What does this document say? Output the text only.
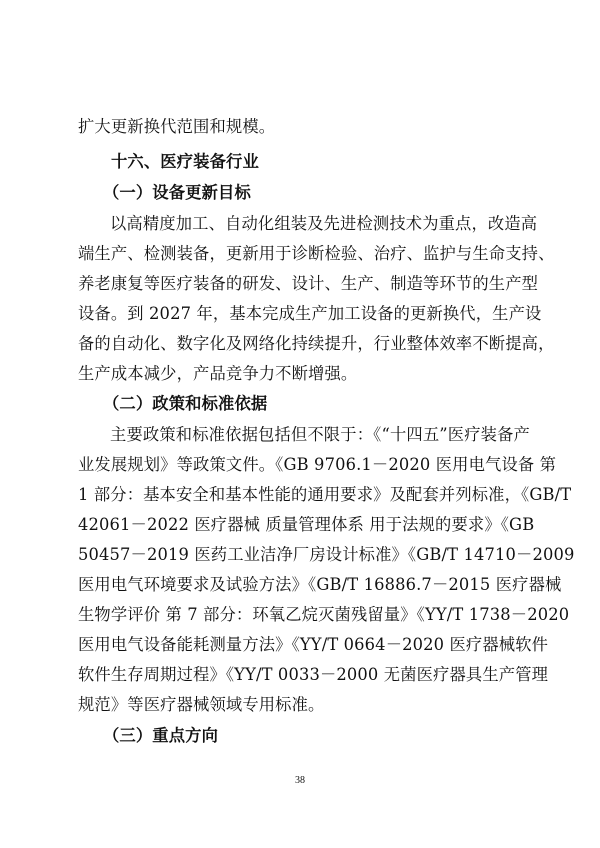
扩大更新换代范围和规模。
十六、医疗装备行业
（一）设备更新目标
以高精度加工、自动化组装及先进检测技术为重点，改造高
端生产、检测装备，更新用于诊断检验、治疗、监护与生命支持、
养老康复等医疗装备的研发、设计、生产、制造等环节的生产型
设备。到 2027 年，基本完成生产加工设备的更新换代，生产设
备的自动化、数字化及网络化持续提升，行业整体效率不断提高，
生产成本减少，产品竞争力不断增强。
（二）政策和标准依据
主要政策和标准依据包括但不限于：《“十四五”医疗装备产
业发展规划》等政策文件。《GB 9706.1－2020 医用电气设备 第
1 部分：基本安全和基本性能的通用要求》及配套并列标准，《GB/T
42061－2022 医疗器械 质量管理体系 用于法规的要求》《GB
50457－2019 医药工业洁净厂房设计标准》《GB/T 14710－2009
医用电气环境要求及试验方法》《GB/T 16886.7－2015 医疗器械
生物学评价 第 7 部分：环氧乙烷灭菌残留量》《YY/T 1738－2020
医用电气设备能耗测量方法》《YY/T 0664－2020 医疗器械软件
软件生存周期过程》《YY/T 0033－2000 无菌医疗器具生产管理
规范》等医疗器械领域专用标准。
（三）重点方向
38
